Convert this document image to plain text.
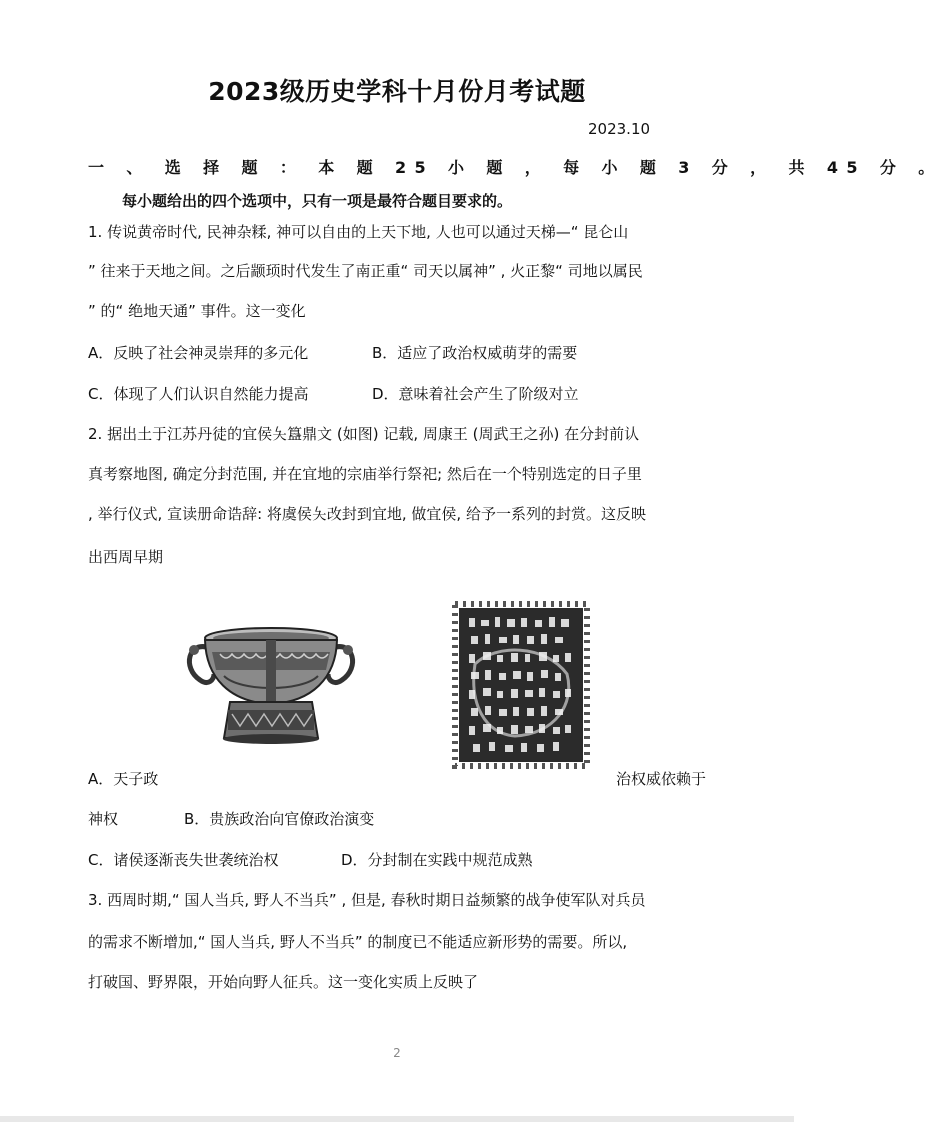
2023级历史学科十月份月考试题
2023.10
一 、 选 择 题 ： 本 题 25 小 题 ， 每 小 题 3 分 ， 共 45 分 。
每小题给出的四个选项中，只有一项是最符合题目要求的。
1. 传说黄帝时代, 民神杂糅, 神可以自由的上天下地, 人也可以通过天梯—“ 昆仑山
” 往来于天地之间。之后颛顼时代发生了南正重“ 司天以属神” , 火正黎“ 司地以属民
” 的“ 绝地天通” 事件。这一变化
A．反映了社会神灵崇拜的多元化	B．适应了政治权威萌芽的需要
C．体现了人们认识自然能力提高	D．意味着社会产生了阶级对立
2. 据出土于江苏丹徒的宜侯夨簋鼎文 (如图) 记载, 周康王 (周武王之孙) 在分封前认
真考察地图, 确定分封范围, 并在宜地的宗庙举行祭祀; 然后在一个特别选定的日子里
, 举行仪式, 宣读册命诰辞: 将虞侯夨改封到宜地, 做宜侯, 给予一系列的封赏。这反映
出西周早期
A．天子政	治权威依赖于
神权	B．贵族政治向官僚政治演变
C．诸侯逐渐丧失世袭统治权	D．分封制在实践中规范成熟
3. 西周时期,“ 国人当兵, 野人不当兵” , 但是, 春秋时期日益频繁的战争使军队对兵员
的需求不断增加,“ 国人当兵, 野人不当兵” 的制度已不能适应新形势的需要。所以,
打破国、野界限，开始向野人征兵。这一变化实质上反映了
2
